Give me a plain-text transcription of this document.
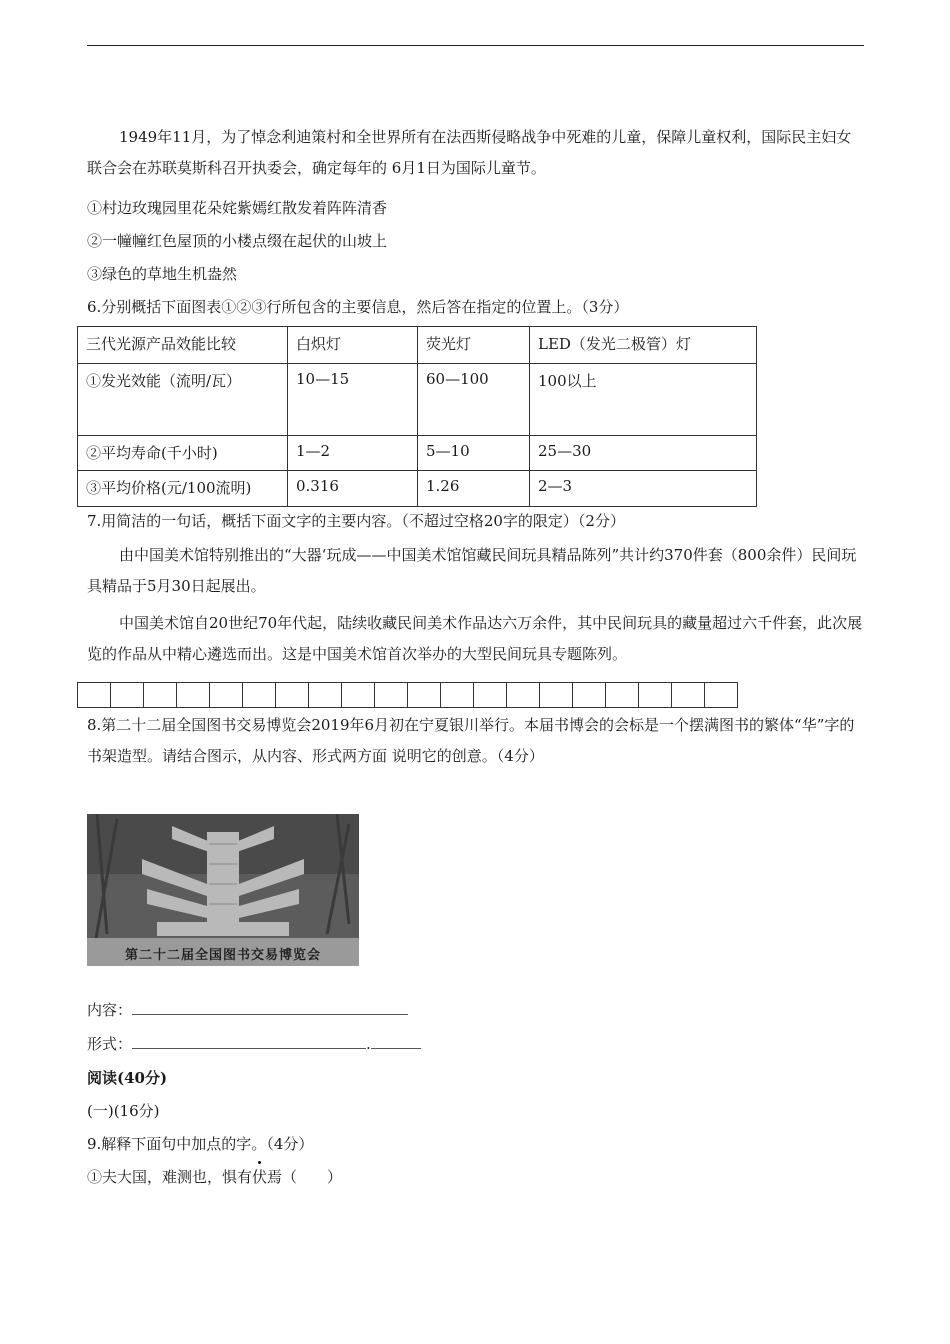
1949年11月，为了悼念利迪策村和全世界所有在法西斯侵略战争中死难的儿童，保障儿童权利，国际民主妇女联合会在苏联莫斯科召开执委会，确定每年的 6月1日为国际儿童节。

①村边玫瑰园里花朵姹紫嫣红散发着阵阵清香
②一幢幢红色屋顶的小楼点缀在起伏的山坡上
③绿色的草地生机盎然
6.分别概括下面图表①②③行所包含的主要信息，然后答在指定的位置上。（3分）
三代光源产品效能比较	白炽灯	荧光灯	LED（发光二极管）灯
①发光效能（流明/瓦）	10—15	60—100	100以上
②平均寿命(千小时)	1—2	5—10	25—30
③平均价格(元/100流明)	0.316	1.26	2—3
7.用简洁的一句话，概括下面文字的主要内容。（不超过空格20字的限定）（2分）

由中国美术馆特别推出的“大器‘玩成——中国美术馆馆藏民间玩具精品陈列”共计约370件套（800余件）民间玩具精品于5月30日起展出。

中国美术馆自20世纪70年代起，陆续收藏民间美术作品达六万余件，其中民间玩具的藏量超过六千件套，此次展览的作品从中精心遴选而出。这是中国美术馆首次举办的大型民间玩具专题陈列。

8.第二十二届全国图书交易博览会2019年6月初在宁夏银川举行。本届书博会的会标是一个摆满图书的繁体“华”字的书架造型。请结合图示，从内容、形式两方面 说明它的创意。（4分）

第二十二届全国图书交易博览会
内容：
形式：	.
阅读(40分)
(一)(16分)
9.解释下面句中加点的字。（4分）
①夫大国，难测也，惧有伏焉（　　）
